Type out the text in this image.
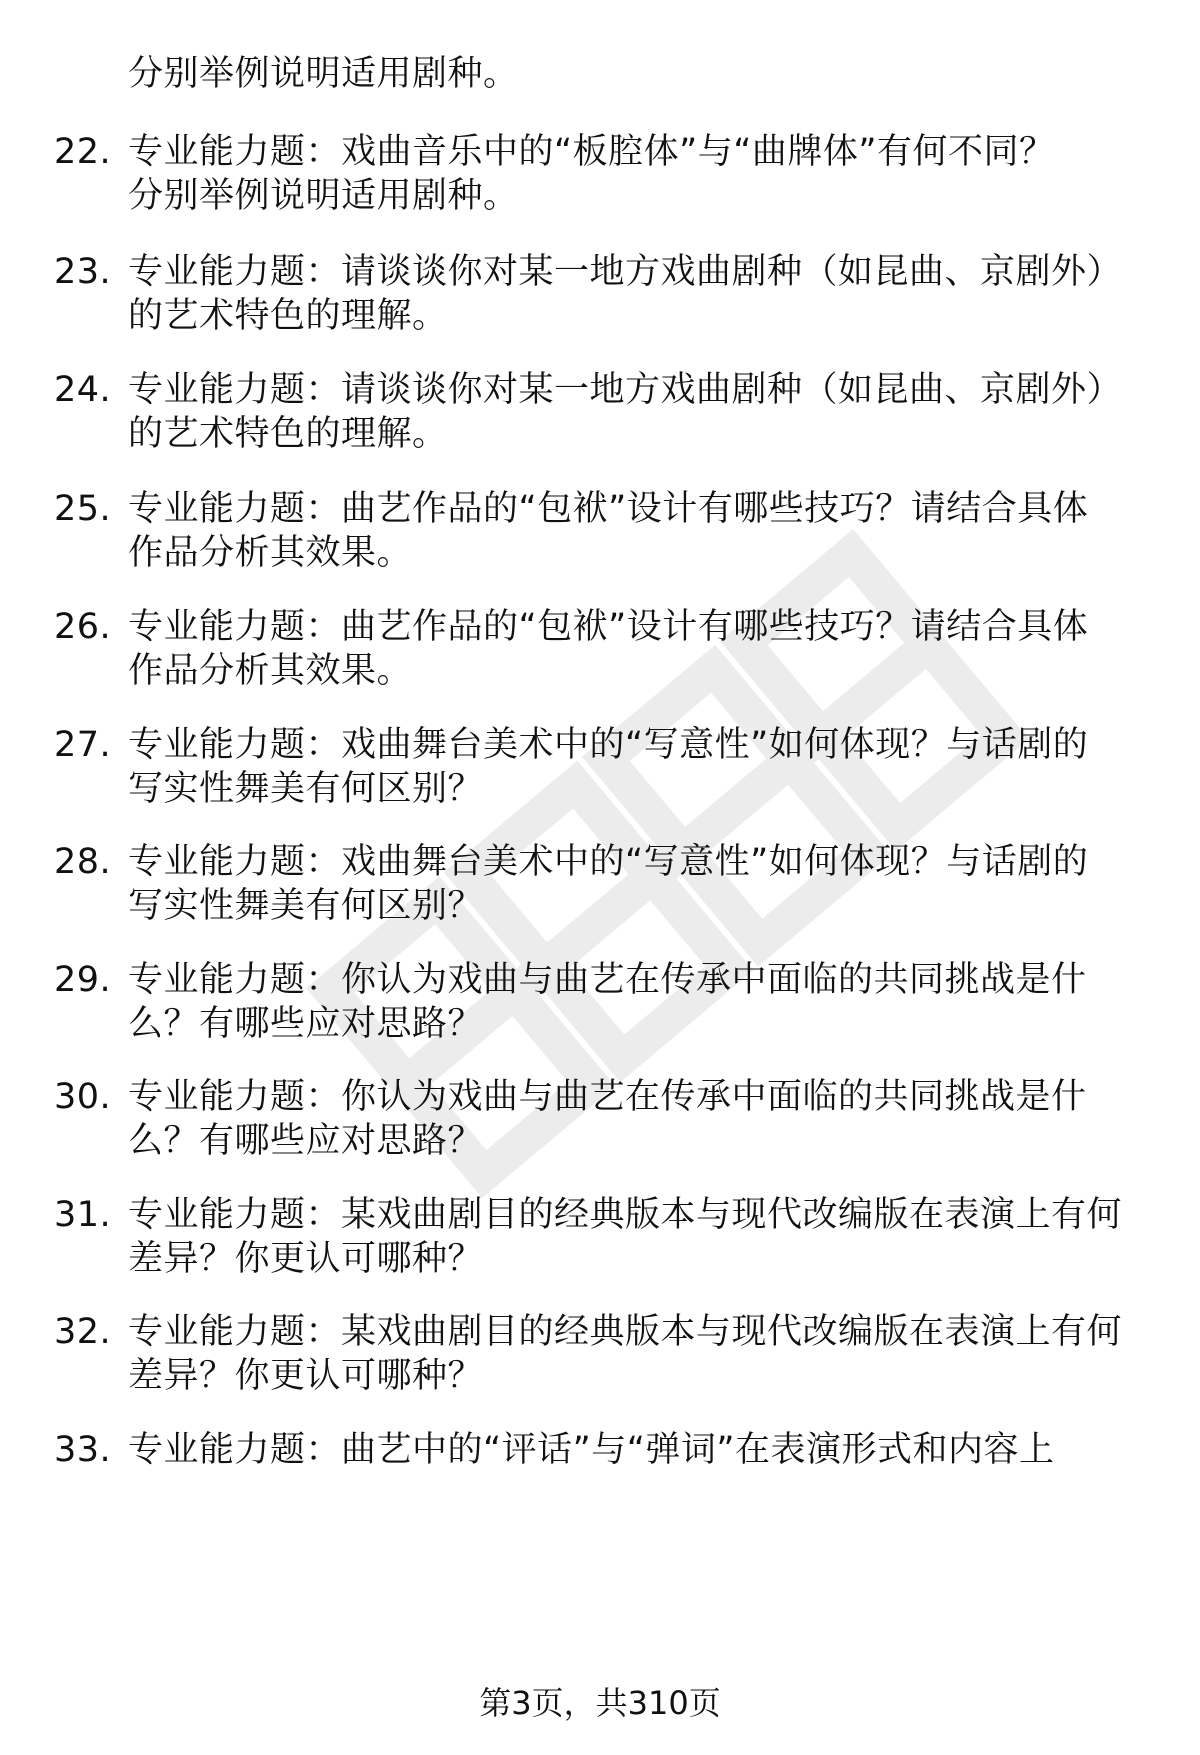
分别举例说明适用剧种。
22. 专业能力题：戏曲音乐中的“板腔体”与“曲牌体”有何不同？
分别举例说明适用剧种。
23. 专业能力题：请谈谈你对某一地方戏曲剧种（如昆曲、京剧外）
的艺术特色的理解。
24. 专业能力题：请谈谈你对某一地方戏曲剧种（如昆曲、京剧外）
的艺术特色的理解。
25. 专业能力题：曲艺作品的“包袱”设计有哪些技巧？请结合具体
作品分析其效果。
26. 专业能力题：曲艺作品的“包袱”设计有哪些技巧？请结合具体
作品分析其效果。
27. 专业能力题：戏曲舞台美术中的“写意性”如何体现？与话剧的
写实性舞美有何区别？
28. 专业能力题：戏曲舞台美术中的“写意性”如何体现？与话剧的
写实性舞美有何区别？
29. 专业能力题：你认为戏曲与曲艺在传承中面临的共同挑战是什
么？有哪些应对思路？
30. 专业能力题：你认为戏曲与曲艺在传承中面临的共同挑战是什
么？有哪些应对思路？
31. 专业能力题：某戏曲剧目的经典版本与现代改编版在表演上有何
差异？你更认可哪种？
32. 专业能力题：某戏曲剧目的经典版本与现代改编版在表演上有何
差异？你更认可哪种？
33. 专业能力题：曲艺中的“评话”与“弹词”在表演形式和内容上
第3页，共310页
